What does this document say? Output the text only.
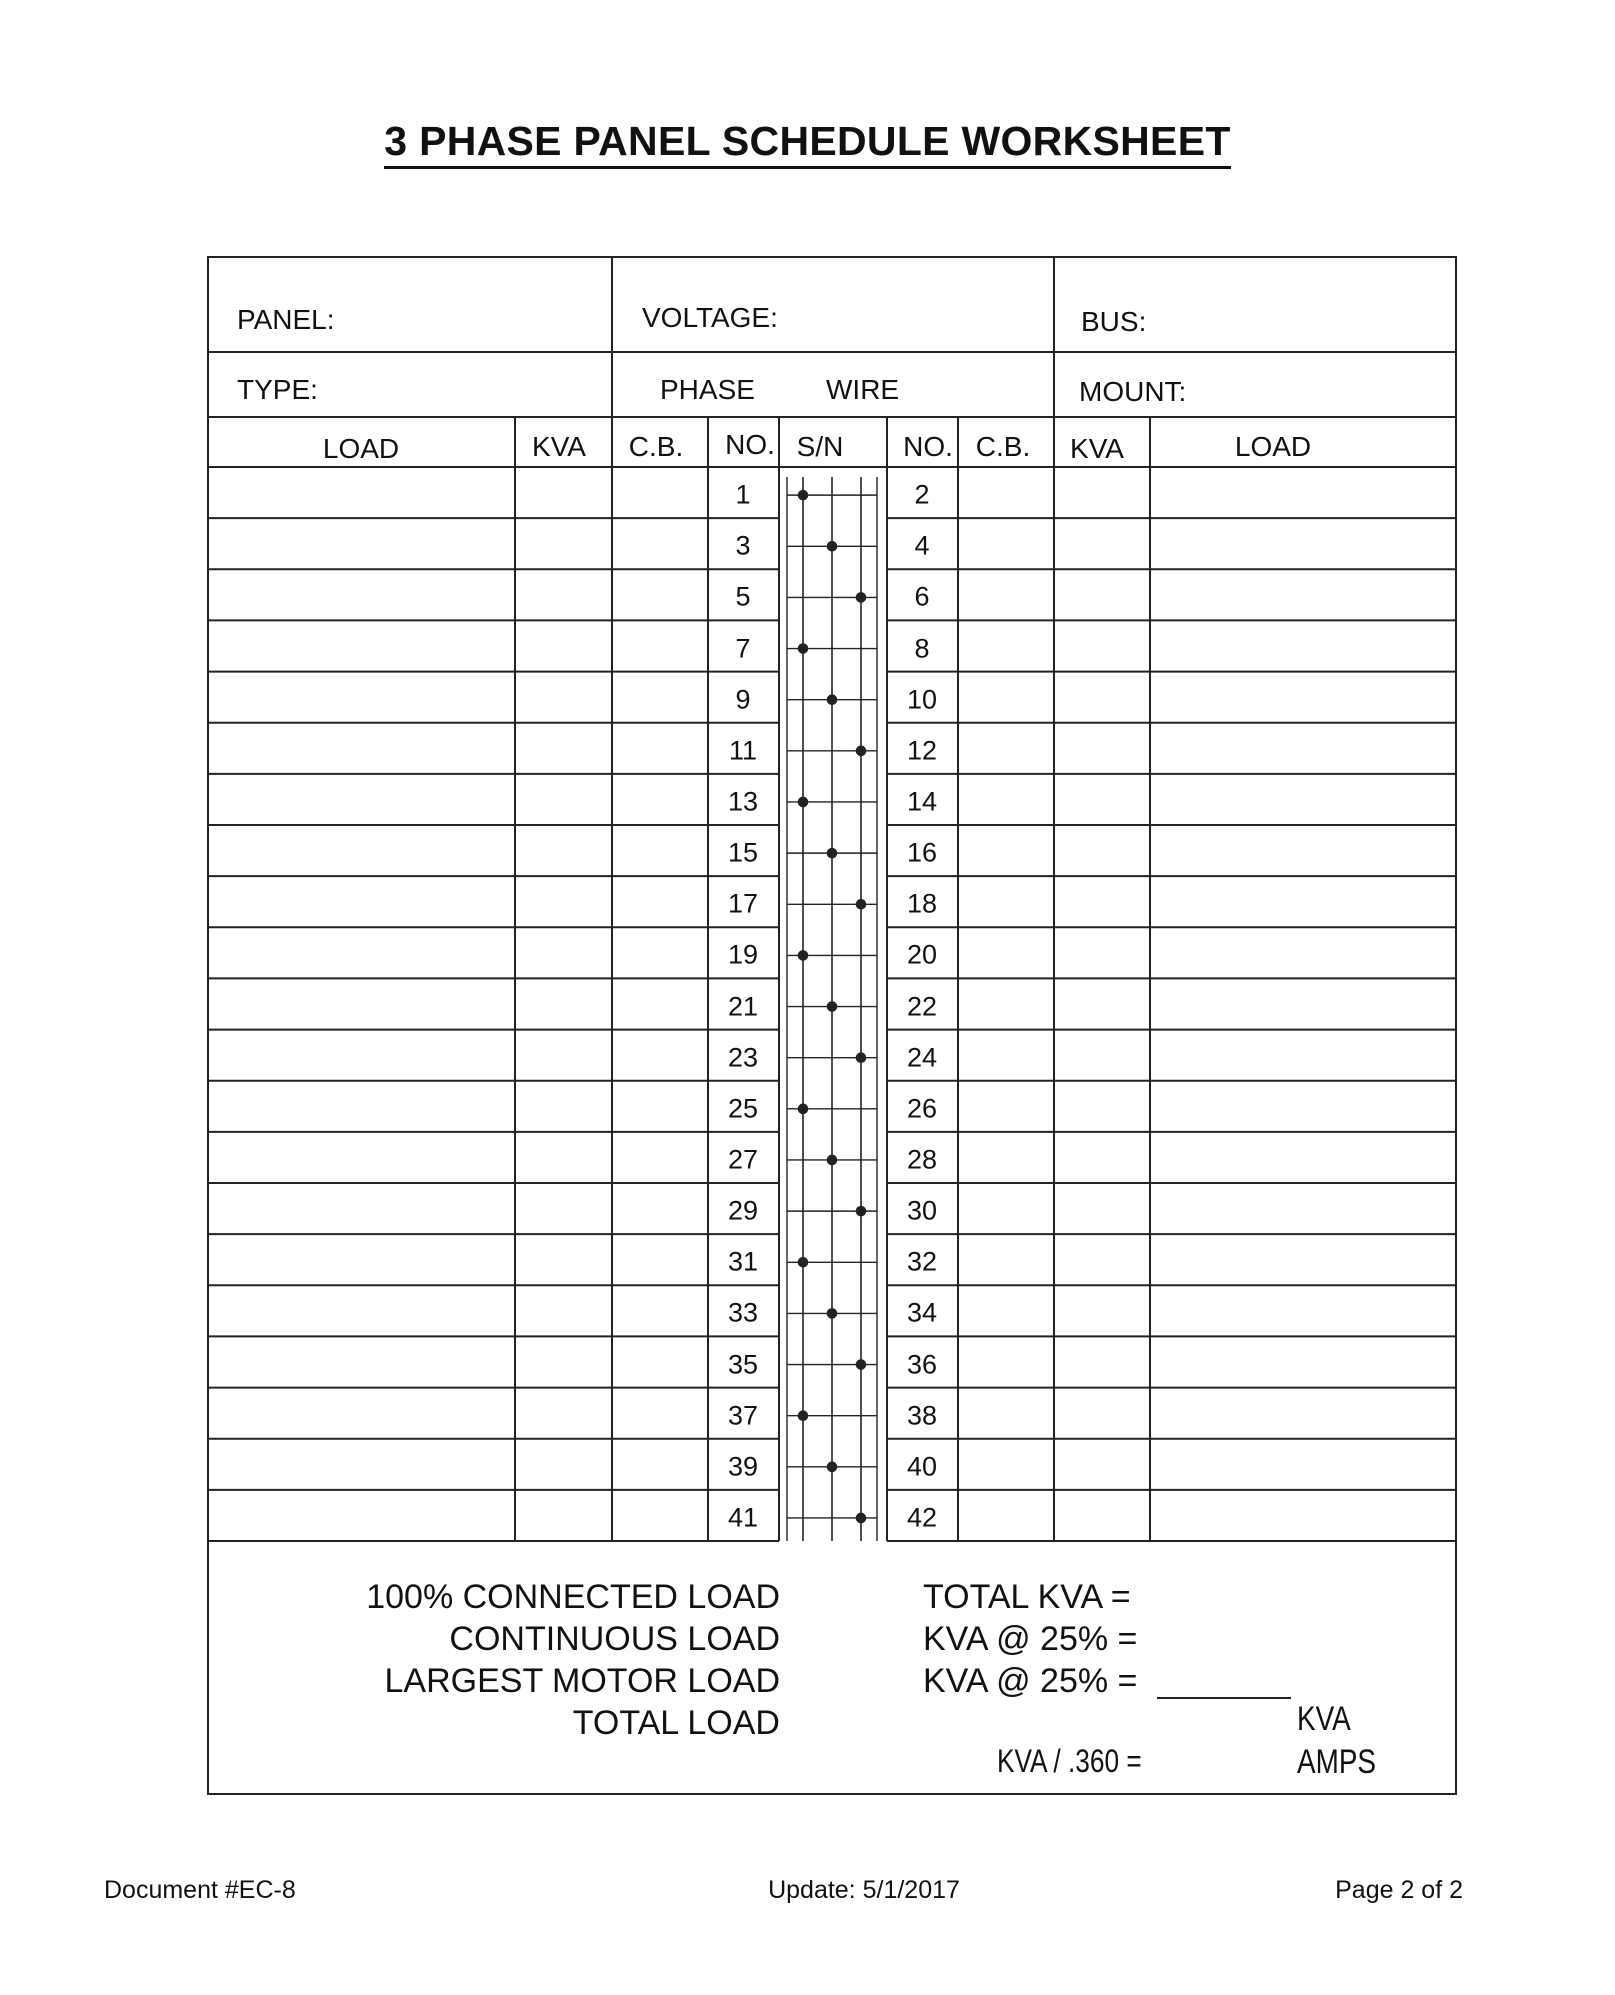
3 PHASE PANEL SCHEDULE WORKSHEET
PANEL:	VOLTAGE:	BUS:
TYPE:	PHASE	WIRE	MOUNT:
LOAD	KVA C.B. NO. S/N NO. C.B. KVA	LOAD
1	2
3	4
5	6
7	8
9	10
11	12
13	14
15	16
17	18
19	20
21	22
23	24
25	26
27	28
29	30
31	32
33	34
35	36
37	38
39	40
41	42
100% CONNECTED LOAD
CONTINUOUS LOAD
LARGEST MOTOR LOAD
TOTAL LOAD
TOTAL KVA =
KVA @ 25% =
KVA @ 25% =
KVA
KVA / .360 =	AMPS
Document #EC-8	Update: 5/1/2017	Page 2 of 2
